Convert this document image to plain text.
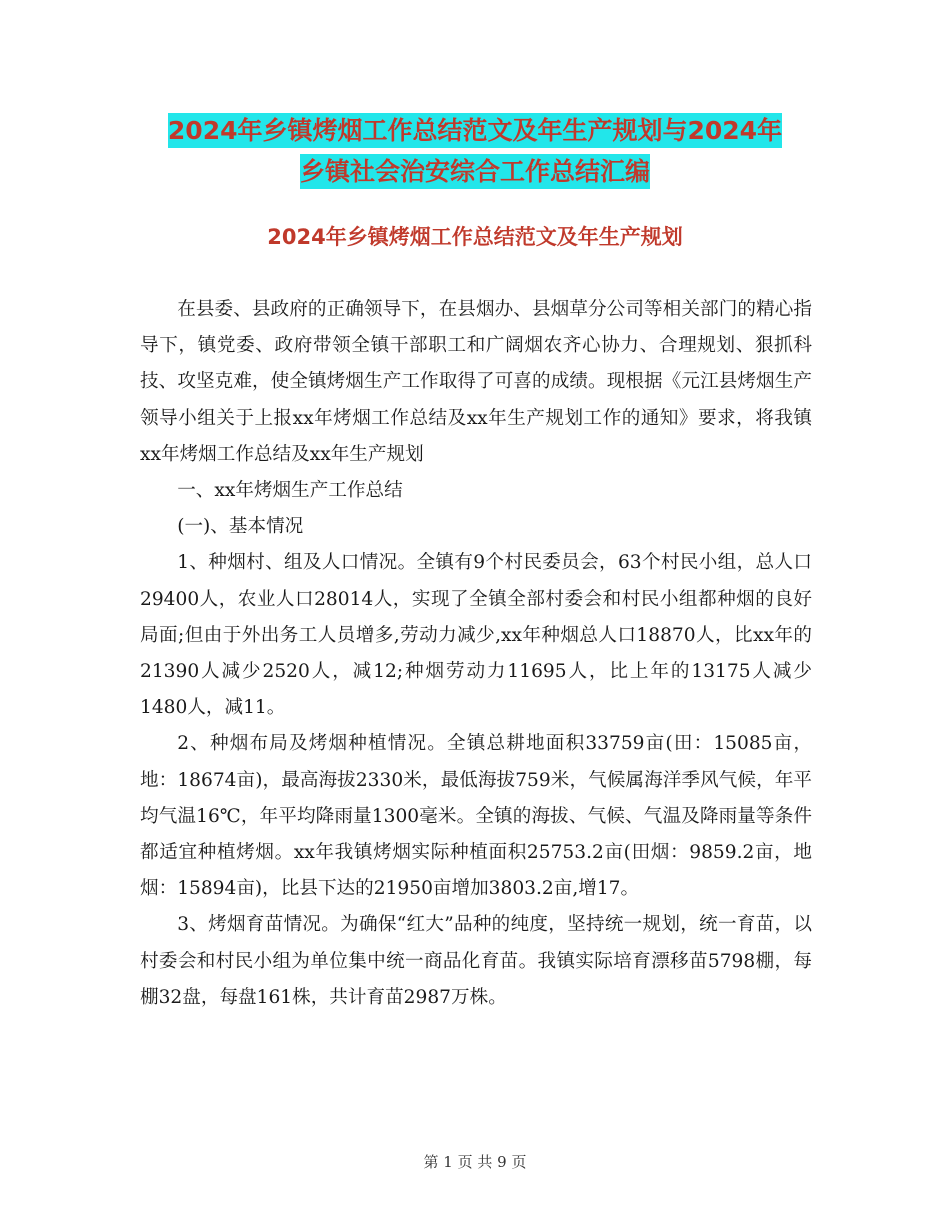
2024年乡镇烤烟工作总结范文及年生产规划与2024年
乡镇社会治安综合工作总结汇编
2024年乡镇烤烟工作总结范文及年生产规划

在县委、县政府的正确领导下，在县烟办、县烟草分公司等相关部门的精心指导下，镇党委、政府带领全镇干部职工和广阔烟农齐心协力、合理规划、狠抓科技、攻坚克难，使全镇烤烟生产工作取得了可喜的成绩。现根据《元江县烤烟生产领导小组关于上报xx年烤烟工作总结及xx年生产规划工作的通知》要求，将我镇xx年烤烟工作总结及xx年生产规划

一、xx年烤烟生产工作总结

(一)、基本情况

1、种烟村、组及人口情况。全镇有9个村民委员会，63个村民小组，总人口29400人，农业人口28014人，实现了全镇全部村委会和村民小组都种烟的良好局面;但由于外出务工人员增多,劳动力减少,xx年种烟总人口18870人，比xx年的21390人减少2520人，减12;种烟劳动力11695人，比上年的13175人减少1480人，减11。

2、种烟布局及烤烟种植情况。全镇总耕地面积33759亩(田：15085亩，地：18674亩)，最高海拔2330米，最低海拔759米，气候属海洋季风气候，年平均气温16℃，年平均降雨量1300毫米。全镇的海拔、气候、气温及降雨量等条件都适宜种植烤烟。xx年我镇烤烟实际种植面积25753.2亩(田烟：9859.2亩，地烟：15894亩)，比县下达的21950亩增加3803.2亩,增17。

3、烤烟育苗情况。为确保“红大”品种的纯度，坚持统一规划，统一育苗，以村委会和村民小组为单位集中统一商品化育苗。我镇实际培育漂移苗5798棚，每棚32盘，每盘161株，共计育苗2987万株。

第 1 页 共 9 页
